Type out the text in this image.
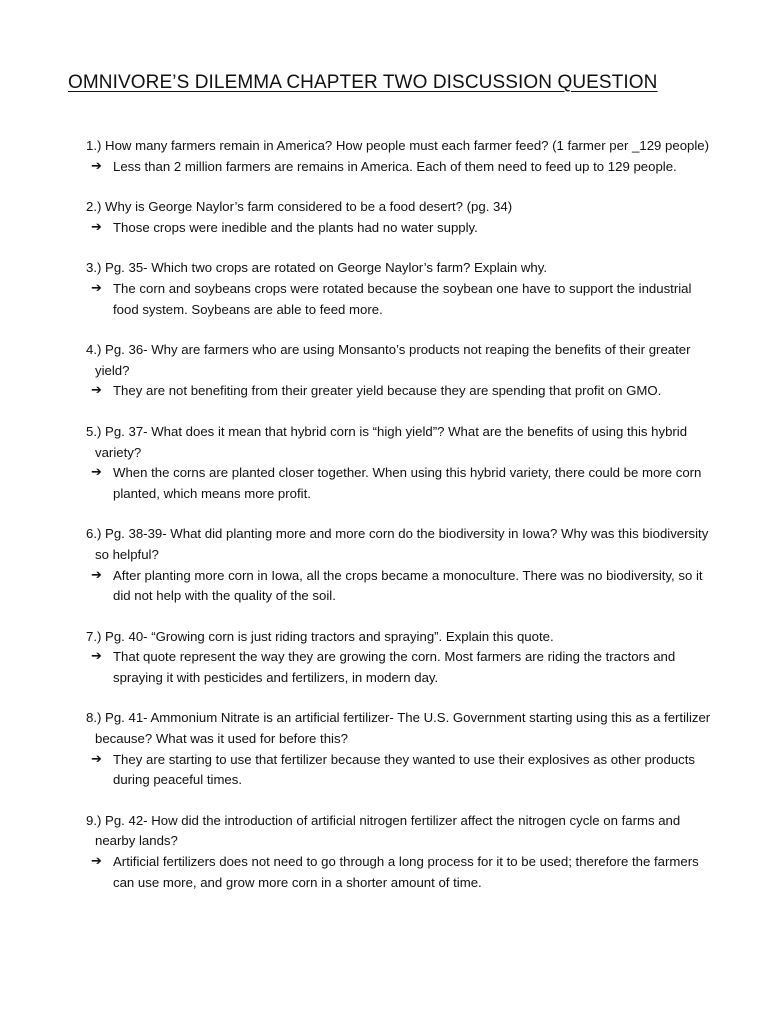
OMNIVORE’S DILEMMA CHAPTER TWO DISCUSSION QUESTION
1.) How many farmers remain in America? How people must each farmer feed? (1 farmer per _129 people)
➔ Less than 2 million farmers are remains in America. Each of them need to feed up to 129 people.
2.) Why is George Naylor’s farm considered to be a food desert? (pg. 34)
➔ Those crops were inedible and the plants had no water supply.
3.) Pg. 35- Which two crops are rotated on George Naylor’s farm? Explain why.
➔ The corn and soybeans crops were rotated because the soybean one have to support the industrial food system. Soybeans are able to feed more.
4.) Pg. 36- Why are farmers who are using Monsanto’s products not reaping the benefits of their greater yield?
➔ They are not benefiting from their greater yield because they are spending that profit on GMO.
5.) Pg. 37- What does it mean that hybrid corn is “high yield”? What are the benefits of using this hybrid variety?
➔ When the corns are planted closer together. When using this hybrid variety, there could be more corn planted, which means more profit.
6.) Pg. 38-39- What did planting more and more corn do the biodiversity in Iowa? Why was this biodiversity so helpful?
➔ After planting more corn in Iowa, all the crops became a monoculture. There was no biodiversity, so it did not help with the quality of the soil.
7.) Pg. 40- “Growing corn is just riding tractors and spraying”. Explain this quote.
➔ That quote represent the way they are growing the corn. Most farmers are riding the tractors and spraying it with pesticides and fertilizers, in modern day.
8.) Pg. 41- Ammonium Nitrate is an artificial fertilizer- The U.S. Government starting using this as a fertilizer because? What was it used for before this?
➔ They are starting to use that fertilizer because they wanted to use their explosives as other products during peaceful times.
9.) Pg. 42- How did the introduction of artificial nitrogen fertilizer affect the nitrogen cycle on farms and nearby lands?
➔ Artificial fertilizers does not need to go through a long process for it to be used; therefore the farmers can use more, and grow more corn in a shorter amount of time.
